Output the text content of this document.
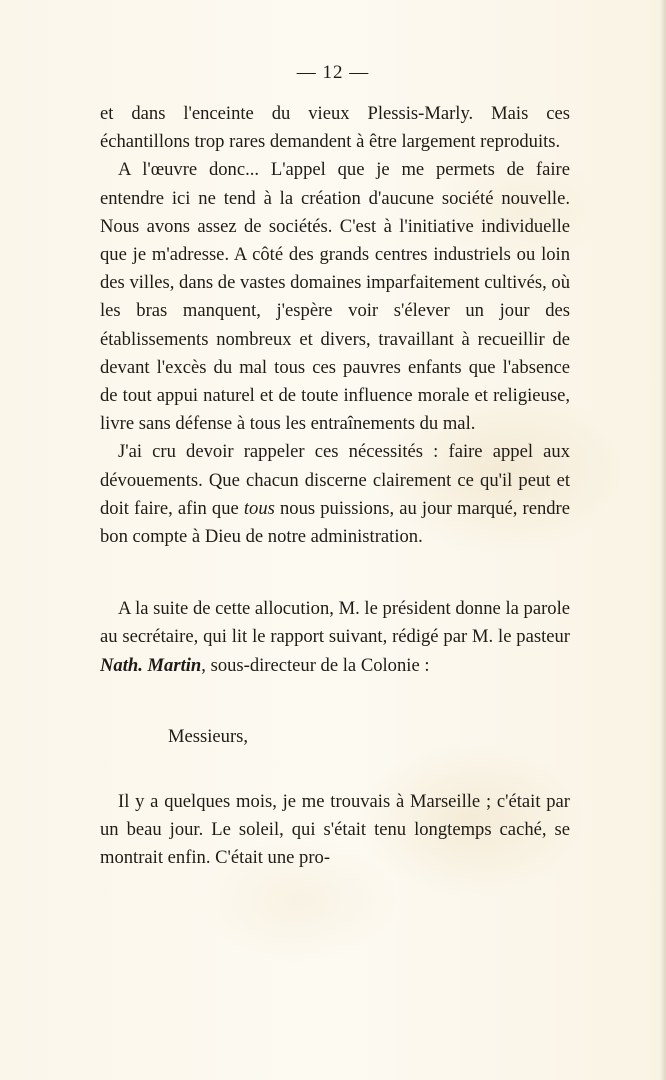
— 12 —

et dans l'enceinte du vieux Plessis-Marly. Mais ces échantillons trop rares demandent à être largement reproduits.

A l'œuvre donc... L'appel que je me permets de faire entendre ici ne tend à la création d'aucune société nouvelle. Nous avons assez de sociétés. C'est à l'initiative individuelle que je m'adresse. A côté des grands centres industriels ou loin des villes, dans de vastes domaines imparfaitement cultivés, où les bras manquent, j'espère voir s'élever un jour des établissements nombreux et divers, travaillant à recueillir de devant l'excès du mal tous ces pauvres enfants que l'absence de tout appui naturel et de toute influence morale et religieuse, livre sans défense à tous les entraînements du mal.

J'ai cru devoir rappeler ces nécessités : faire appel aux dévouements. Que chacun discerne clairement ce qu'il peut et doit faire, afin que tous nous puissions, au jour marqué, rendre bon compte à Dieu de notre administration.

A la suite de cette allocution, M. le président donne la parole au secrétaire, qui lit le rapport suivant, rédigé par M. le pasteur Nath. Martin, sous-directeur de la Colonie :

Messieurs,

Il y a quelques mois, je me trouvais à Marseille ; c'était par un beau jour. Le soleil, qui s'était tenu longtemps caché, se montrait enfin. C'était une pro-
